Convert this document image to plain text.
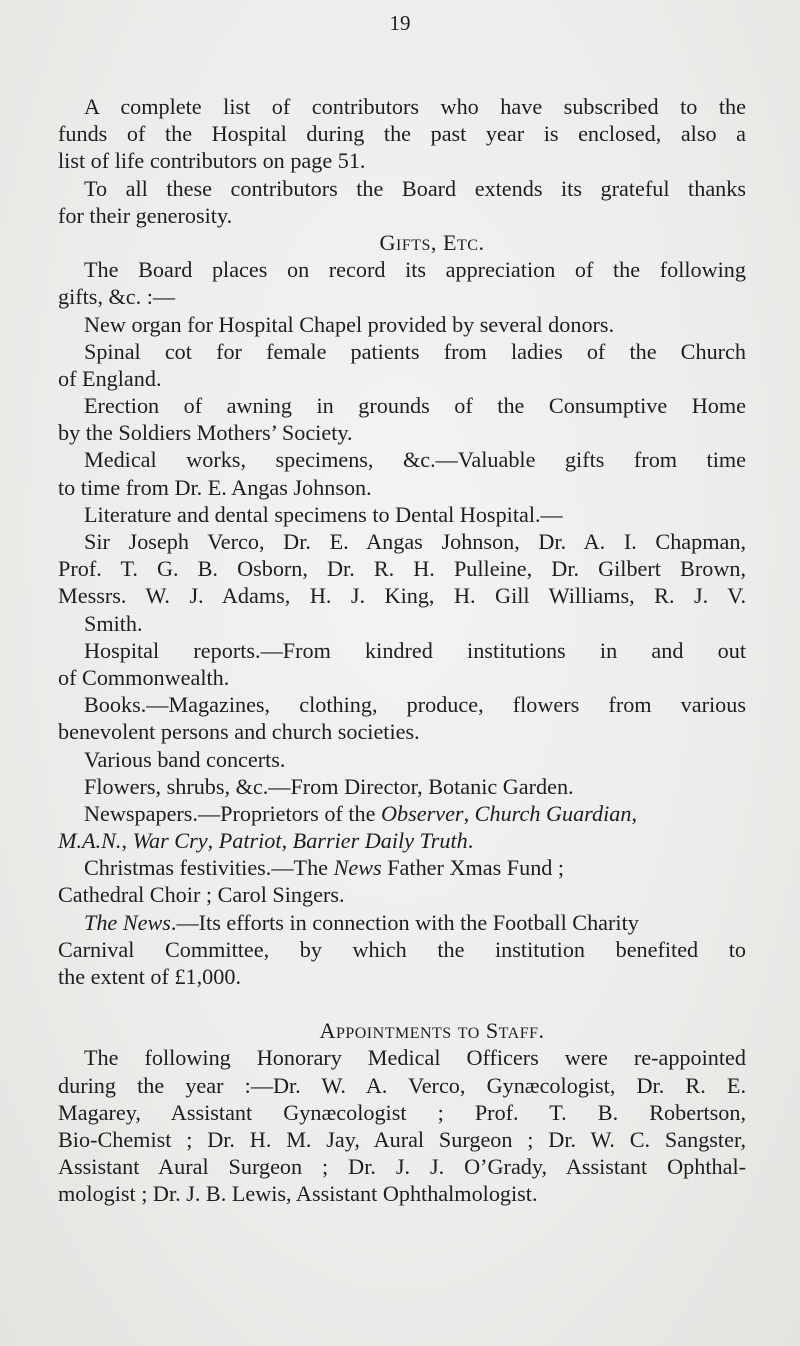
19
A complete list of contributors who have subscribed to the
funds of the Hospital during the past year is enclosed, also a
list of life contributors on page 51.
To all these contributors the Board extends its grateful thanks
for their generosity.
Gifts, Etc.
The Board places on record its appreciation of the following
gifts, &c. :—
New organ for Hospital Chapel provided by several donors.
Spinal cot for female patients from ladies of the Church
of England.
Erection of awning in grounds of the Consumptive Home
by the Soldiers Mothers’ Society.
Medical works, specimens, &c.—Valuable gifts from time
to time from Dr. E. Angas Johnson.
Literature and dental specimens to Dental Hospital.—
Sir Joseph Verco, Dr. E. Angas Johnson, Dr. A. I. Chapman,
Prof. T. G. B. Osborn, Dr. R. H. Pulleine, Dr. Gilbert Brown,
Messrs. W. J. Adams, H. J. King, H. Gill Williams, R. J. V.
Smith.
Hospital reports.—From kindred institutions in and out
of Commonwealth.
Books.—Magazines, clothing, produce, flowers from various
benevolent persons and church societies.
Various band concerts.
Flowers, shrubs, &c.—From Director, Botanic Garden.
Newspapers.—Proprietors of the Observer, Church Guardian,
M.A.N., War Cry, Patriot, Barrier Daily Truth.
Christmas festivities.—The News Father Xmas Fund ;
Cathedral Choir ; Carol Singers.
The News.—Its efforts in connection with the Football Charity
Carnival Committee, by which the institution benefited to
the extent of £1,000.
Appointments to Staff.
The following Honorary Medical Officers were re-appointed
during the year :—Dr. W. A. Verco, Gynæcologist, Dr. R. E.
Magarey, Assistant Gynæcologist ; Prof. T. B. Robertson,
Bio-Chemist ; Dr. H. M. Jay, Aural Surgeon ; Dr. W. C. Sangster,
Assistant Aural Surgeon ; Dr. J. J. O’Grady, Assistant Ophthal-
mologist ; Dr. J. B. Lewis, Assistant Ophthalmologist.
